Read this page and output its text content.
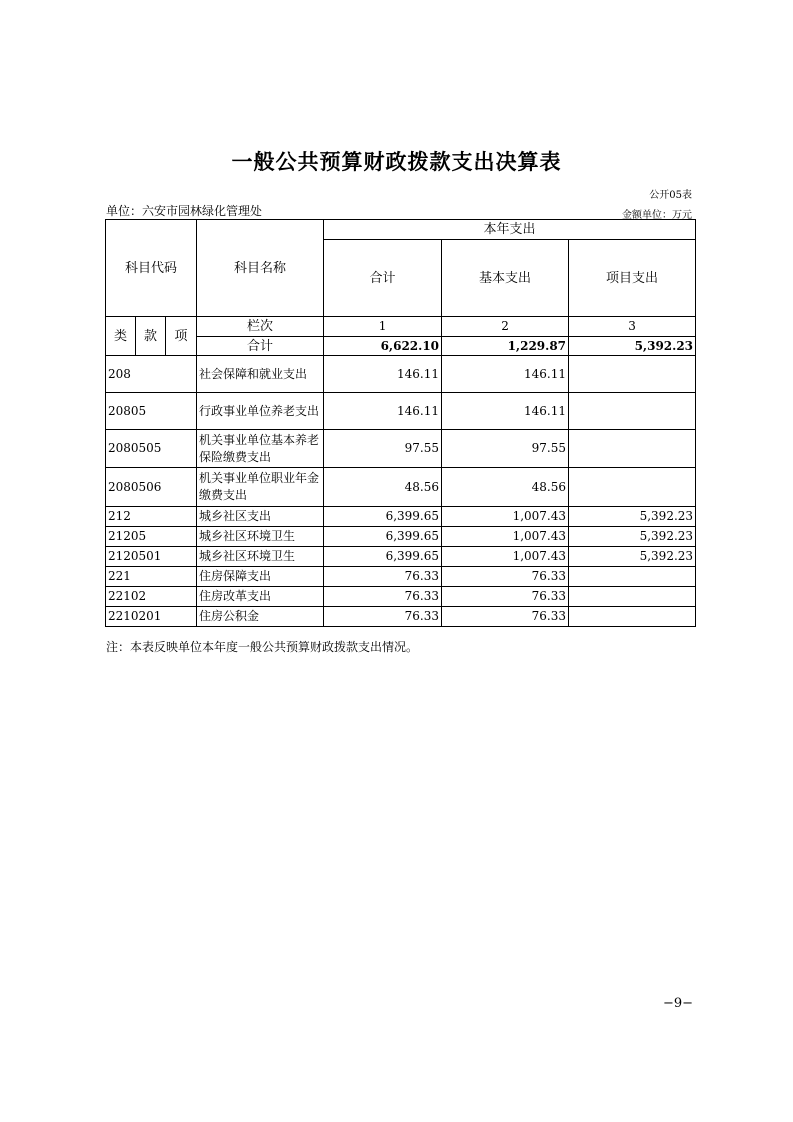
一般公共预算财政拨款支出决算表
公开05表
单位：六安市园林绿化管理处	金额单位：万元
科目代码			科目名称	本年支出		
				合计	基本支出	项目支出
类	款	项	栏次	1	2	3
			合计	6,622.10	1,229.87	5,392.23
208			社会保障和就业支出	146.11	146.11	
20805			行政事业单位养老支出	146.11	146.11	
2080505			机关事业单位基本养老保险缴费支出	97.55	97.55	
2080506			机关事业单位职业年金缴费支出	48.56	48.56	
212			城乡社区支出	6,399.65	1,007.43	5,392.23
21205			城乡社区环境卫生	6,399.65	1,007.43	5,392.23
2120501			城乡社区环境卫生	6,399.65	1,007.43	5,392.23
221			住房保障支出	76.33	76.33	
22102			住房改革支出	76.33	76.33	
2210201			住房公积金	76.33	76.33	
注：本表反映单位本年度一般公共预算财政拨款支出情况。
−9−
